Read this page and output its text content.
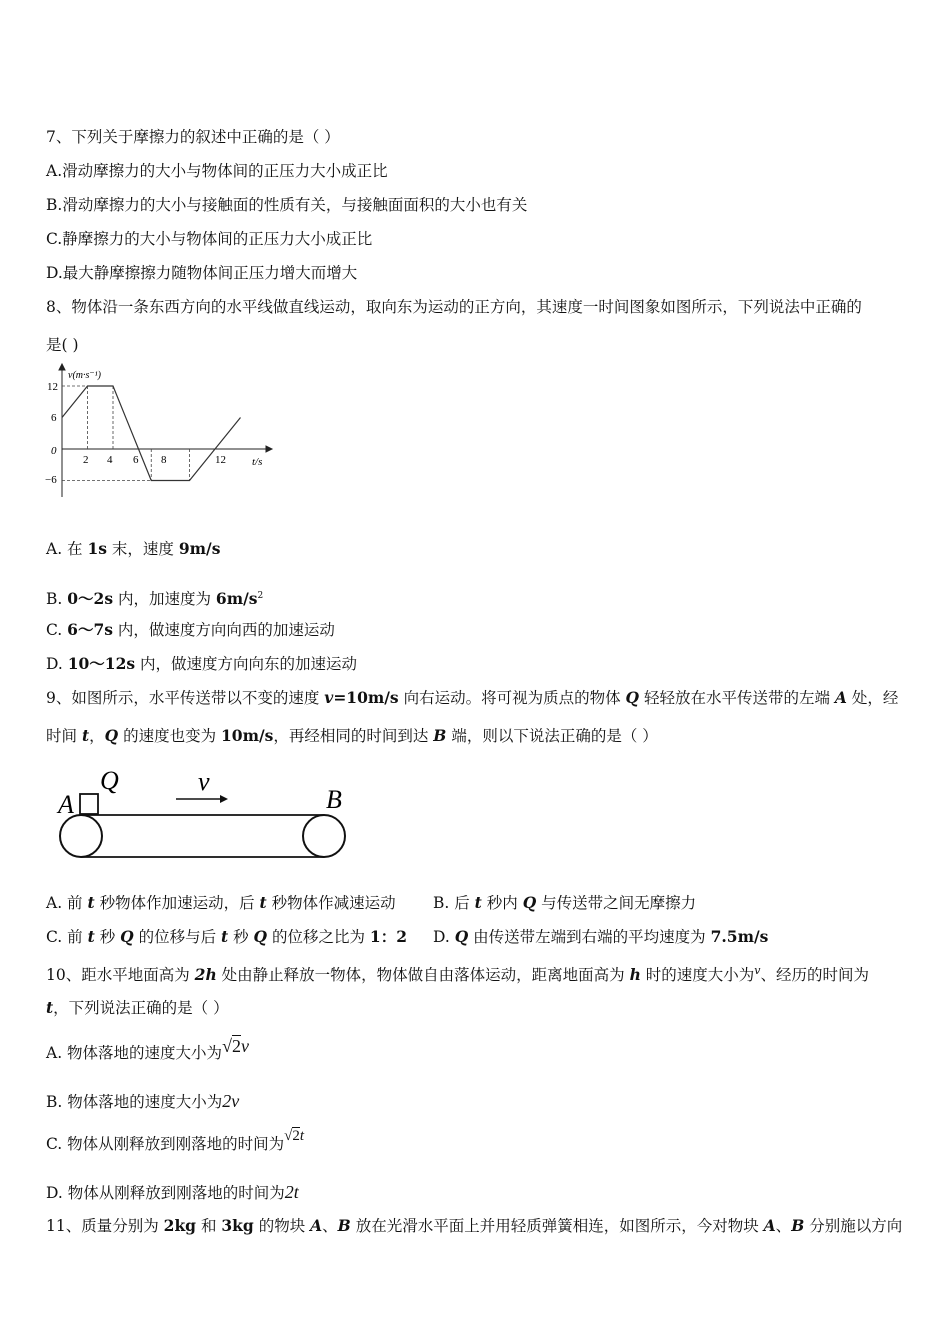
7、下列关于摩擦力的叙述中正确的是（ ）
A.滑动摩擦力的大小与物体间的正压力大小成正比
B.滑动摩擦力的大小与接触面的性质有关，与接触面面积的大小也有关
C.静摩擦力的大小与物体间的正压力大小成正比
D.最大静摩擦擦力随物体间正压力增大而增大
8、物体沿一条东西方向的水平线做直线运动，取向东为运动的正方向，其速度一时间图象如图所示，下列说法中正确的
是( )
v(m·s⁻¹)
t/s
12
6
0
−6
2 4 6 8	12
A. 在 1s 末，速度 9m/s
B. 0～2s 内，加速度为 $6m/s^2$
C. 6～7s 内，做速度方向向西的加速运动
D. 10～12s 内，做速度方向向东的加速运动
9、如图所示，水平传送带以不变的速度 v=10m/s 向右运动。将可视为质点的物体 Q 轻轻放在水平传送带的左端 A 处，经
时间 t，Q 的速度也变为 10m/s，再经相同的时间到达 B 端，则以下说法正确的是（ ）
A
Q	v
B
A. 前 t 秒物体作加速运动，后 t 秒物体作减速运动 B. 后 t 秒内 Q 与传送带之间无摩擦力
C. 前 t 秒 Q 的位移与后 t 秒 Q 的位移之比为 1：2 D. Q 由传送带左端到右端的平均速度为 7.5m/s
10、距水平地面高为 2h 处由静止释放一物体，物体做自由落体运动，距离地面高为 h 时的速度大小为$^v$、经历的时间为
t，下列说法正确的是（ ）
A. 物体落地的速度大小为√2v
B. 物体落地的速度大小为2v
C. 物体从刚释放到刚落地的时间为√2t
D. 物体从刚释放到刚落地的时间为2t
11、质量分别为 2kg 和 3kg 的物块 A、B 放在光滑水平面上并用轻质弹簧相连，如图所示，今对物块 A、B 分别施以方向
